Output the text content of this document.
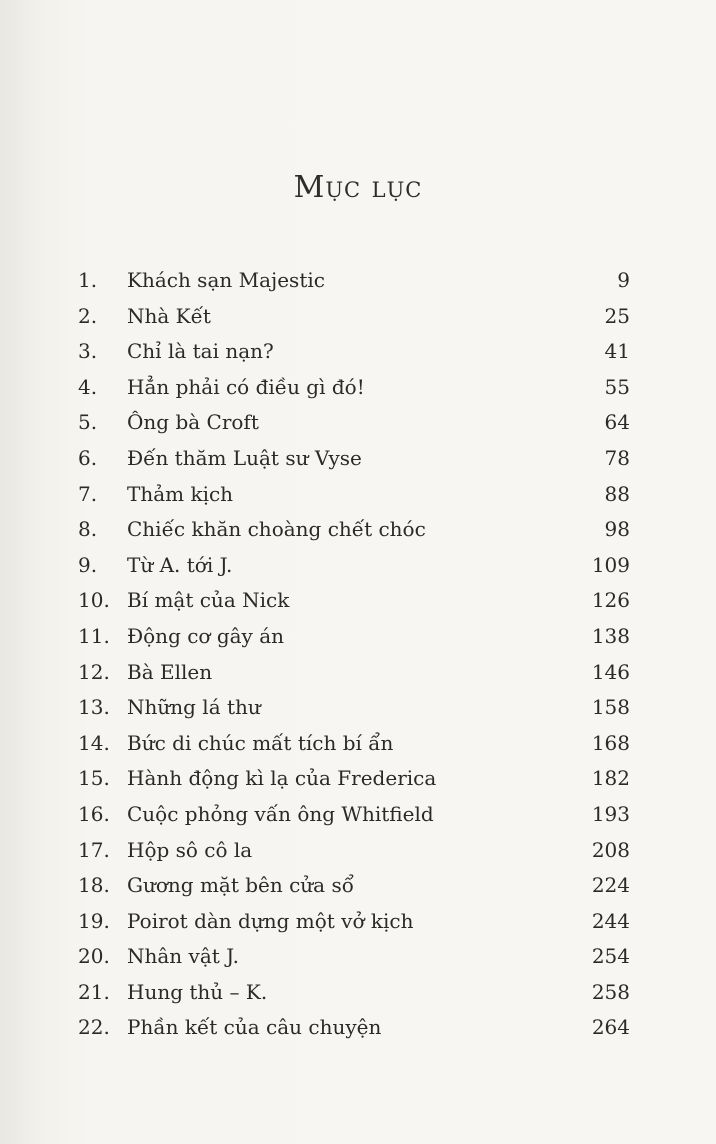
Mục lục
1. Khách sạn Majestic	9
2. Nhà Kết	25
3. Chỉ là tai nạn?	41
4. Hẳn phải có điều gì đó!	55
5. Ông bà Croft	64
6. Đến thăm Luật sư Vyse	78
7. Thảm kịch	88
8. Chiếc khăn choàng chết chóc	98
9. Từ A. tới J.	109
10. Bí mật của Nick	126
11. Động cơ gây án	138
12. Bà Ellen	146
13. Những lá thư	158
14. Bức di chúc mất tích bí ẩn	168
15. Hành động kì lạ của Frederica	182
16. Cuộc phỏng vấn ông Whitfield	193
17. Hộp sô cô la	208
18. Gương mặt bên cửa sổ	224
19. Poirot dàn dựng một vở kịch	244
20. Nhân vật J.	254
21. Hung thủ – K.	258
22. Phần kết của câu chuyện	264
